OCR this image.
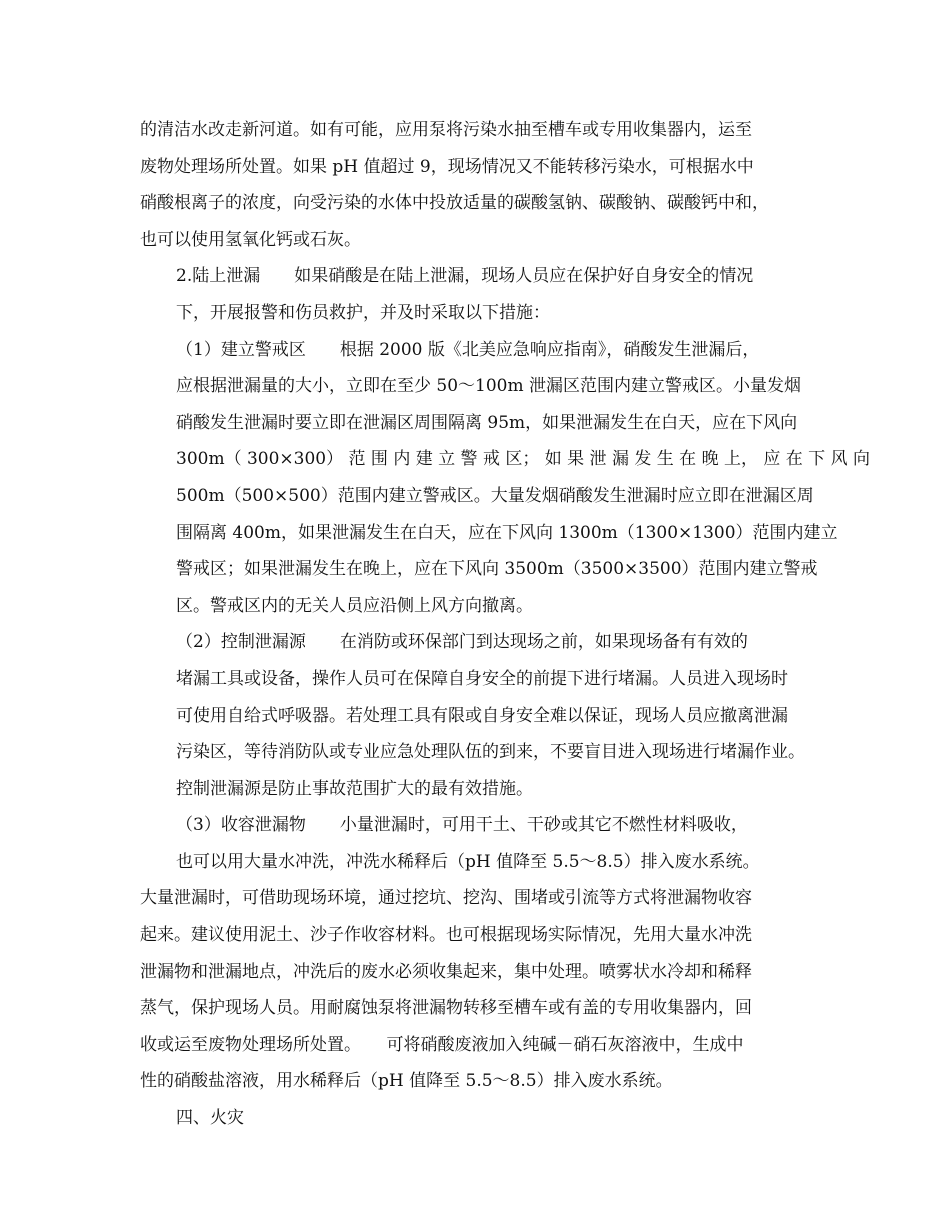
的清洁水改走新河道。如有可能，应用泵将污染水抽至槽车或专用收集器内，运至
废物处理场所处置。如果 pH 值超过 9，现场情况又不能转移污染水，可根据水中
硝酸根离子的浓度，向受污染的水体中投放适量的碳酸氢钠、碳酸钠、碳酸钙中和，
也可以使用氢氧化钙或石灰。

2.陆上泄漏　　如果硝酸是在陆上泄漏，现场人员应在保护好自身安全的情况
下，开展报警和伤员救护，并及时采取以下措施：

（1）建立警戒区　　根据 2000 版《北美应急响应指南》，硝酸发生泄漏后，
应根据泄漏量的大小，立即在至少 50～100m 泄漏区范围内建立警戒区。小量发烟
硝酸发生泄漏时要立即在泄漏区周围隔离 95m，如果泄漏发生在白天，应在下风向
300m（ 300×300） 范 围 内 建 立 警 戒 区； 如 果 泄 漏 发 生 在 晚 上， 应 在 下 风 向
500m（500×500）范围内建立警戒区。大量发烟硝酸发生泄漏时应立即在泄漏区周
围隔离 400m，如果泄漏发生在白天，应在下风向 1300m（1300×1300）范围内建立
警戒区；如果泄漏发生在晚上，应在下风向 3500m（3500×3500）范围内建立警戒
区。警戒区内的无关人员应沿侧上风方向撤离。

（2）控制泄漏源　　在消防或环保部门到达现场之前，如果现场备有有效的
堵漏工具或设备，操作人员可在保障自身安全的前提下进行堵漏。人员进入现场时
可使用自给式呼吸器。若处理工具有限或自身安全难以保证，现场人员应撤离泄漏
污染区，等待消防队或专业应急处理队伍的到来，不要盲目进入现场进行堵漏作业。

控制泄漏源是防止事故范围扩大的最有效措施。

（3）收容泄漏物　　小量泄漏时，可用干土、干砂或其它不燃性材料吸收，
也可以用大量水冲洗，冲洗水稀释后（pH 值降至 5.5～8.5）排入废水系统。

大量泄漏时，可借助现场环境，通过挖坑、挖沟、围堵或引流等方式将泄漏物收容
起来。建议使用泥土、沙子作收容材料。也可根据现场实际情况，先用大量水冲洗
泄漏物和泄漏地点，冲洗后的废水必须收集起来，集中处理。喷雾状水冷却和稀释
蒸气，保护现场人员。用耐腐蚀泵将泄漏物转移至槽车或有盖的专用收集器内，回
收或运至废物处理场所处置。　　可将硝酸废液加入纯碱－硝石灰溶液中，生成中
性的硝酸盐溶液，用水稀释后（pH 值降至 5.5～8.5）排入废水系统。

四、火灾
